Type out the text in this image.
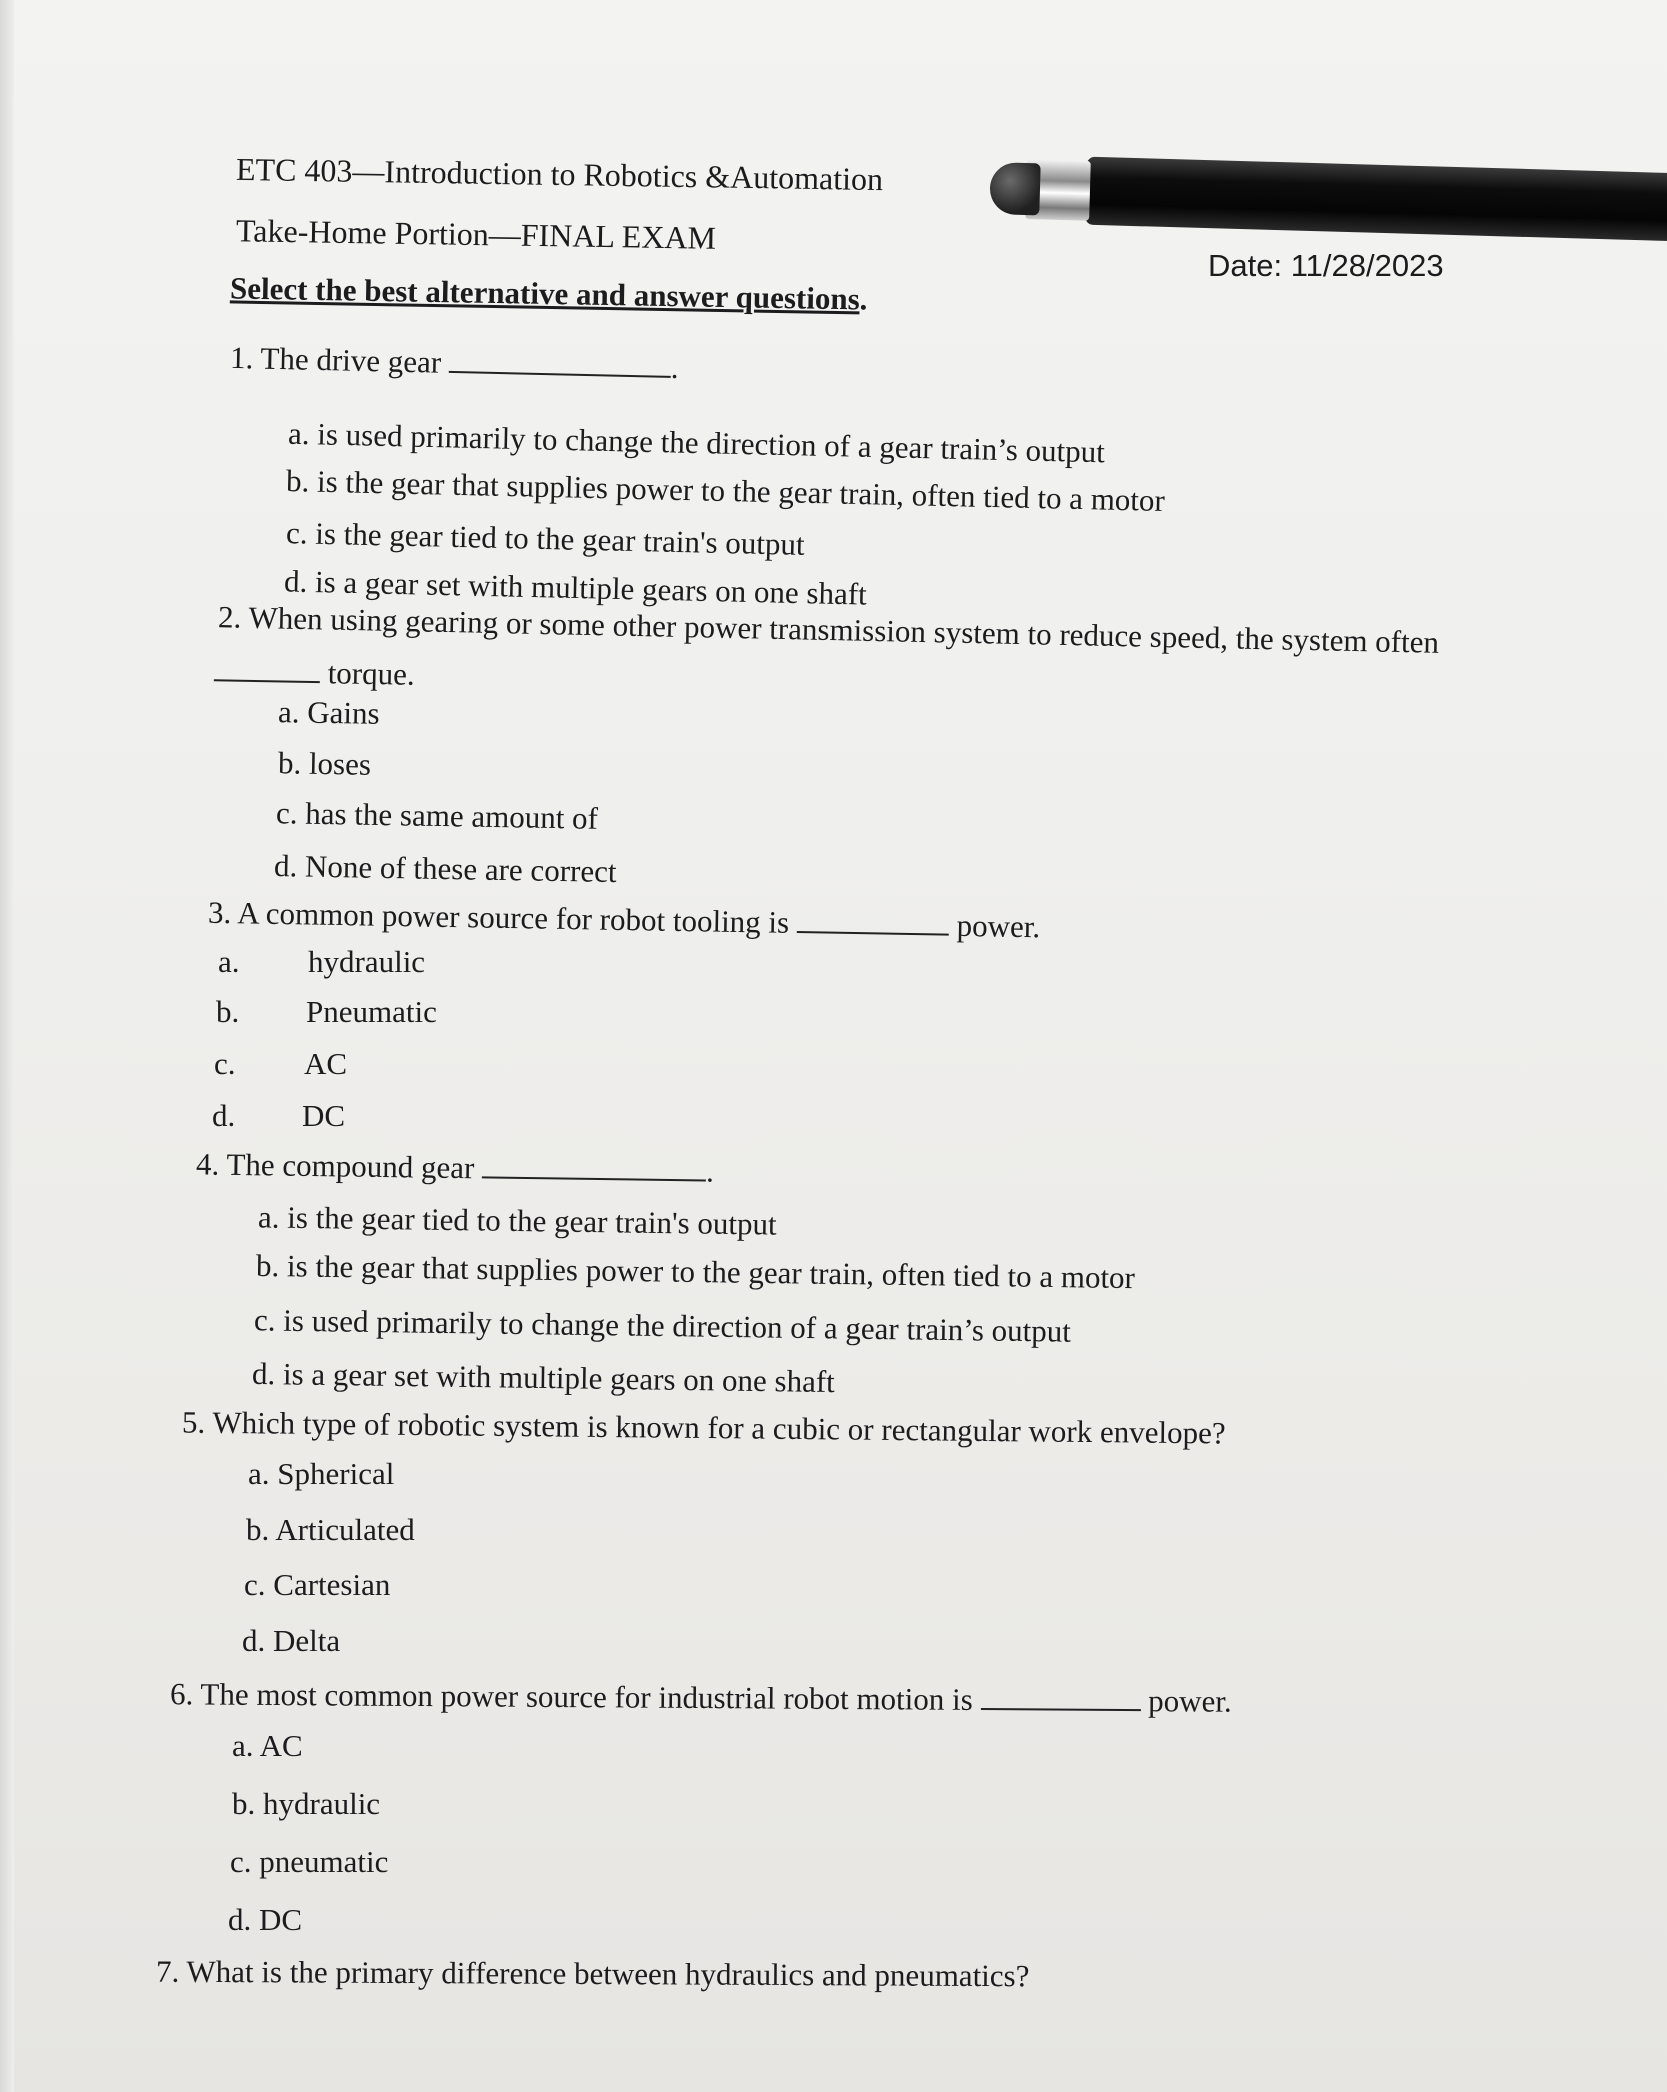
ETC 403—Introduction to Robotics &Automation
Take-Home Portion—FINAL EXAM
Date: 11/28/2023
Select the best alternative and answer questions.
1. The drive gear	.
a. is used primarily to change the direction of a gear train’s output
b. is the gear that supplies power to the gear train, often tied to a motor
c. is the gear tied to the gear train's output
d. is a gear set with multiple gears on one shaft
2. When using gearing or some other power transmission system to reduce speed, the system often
torque.
a. Gains
b. loses
c. has the same amount of
d. None of these are correct
3. A common power source for robot tooling is	power.
a. hydraulic
b. Pneumatic
c. AC
d. DC
4. The compound gear	.
a. is the gear tied to the gear train's output
b. is the gear that supplies power to the gear train, often tied to a motor
c. is used primarily to change the direction of a gear train’s output
d. is a gear set with multiple gears on one shaft
5. Which type of robotic system is known for a cubic or rectangular work envelope?
a. Spherical
b. Articulated
c. Cartesian
d. Delta
6. The most common power source for industrial robot motion is	power.
a. AC
b. hydraulic
c. pneumatic
d. DC
7. What is the primary difference between hydraulics and pneumatics?
